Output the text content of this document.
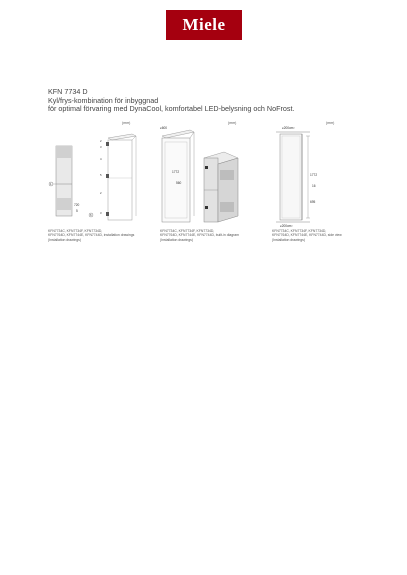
Miele
KFN 7734 D
Kyl/frys-kombination för inbyggnad
för optimal förvaring med DynaCool, komfortabel LED-belysning och NoFrost.
(mm)
1
720
5
6
2
3
4
5
2
3
KFN7734C, KFN7734F, KFN7734D,
KFN7764D, KFN7744E, KFN7744D, installation drawings
(Installation drawings)
(mm)
≥600
1772
560
KFN7734C, KFN7734F, KFN7734D,
KFN7764D, KFN7744E, KFN7744D, built-in diagram
(Installation drawings)
(mm)
≥200cm²
1772
16
695
≥200cm²
KFN7734C, KFN7734F, KFN7734D,
KFN7764D, KFN7744E, KFN7744D, side view
(Installation drawings)
